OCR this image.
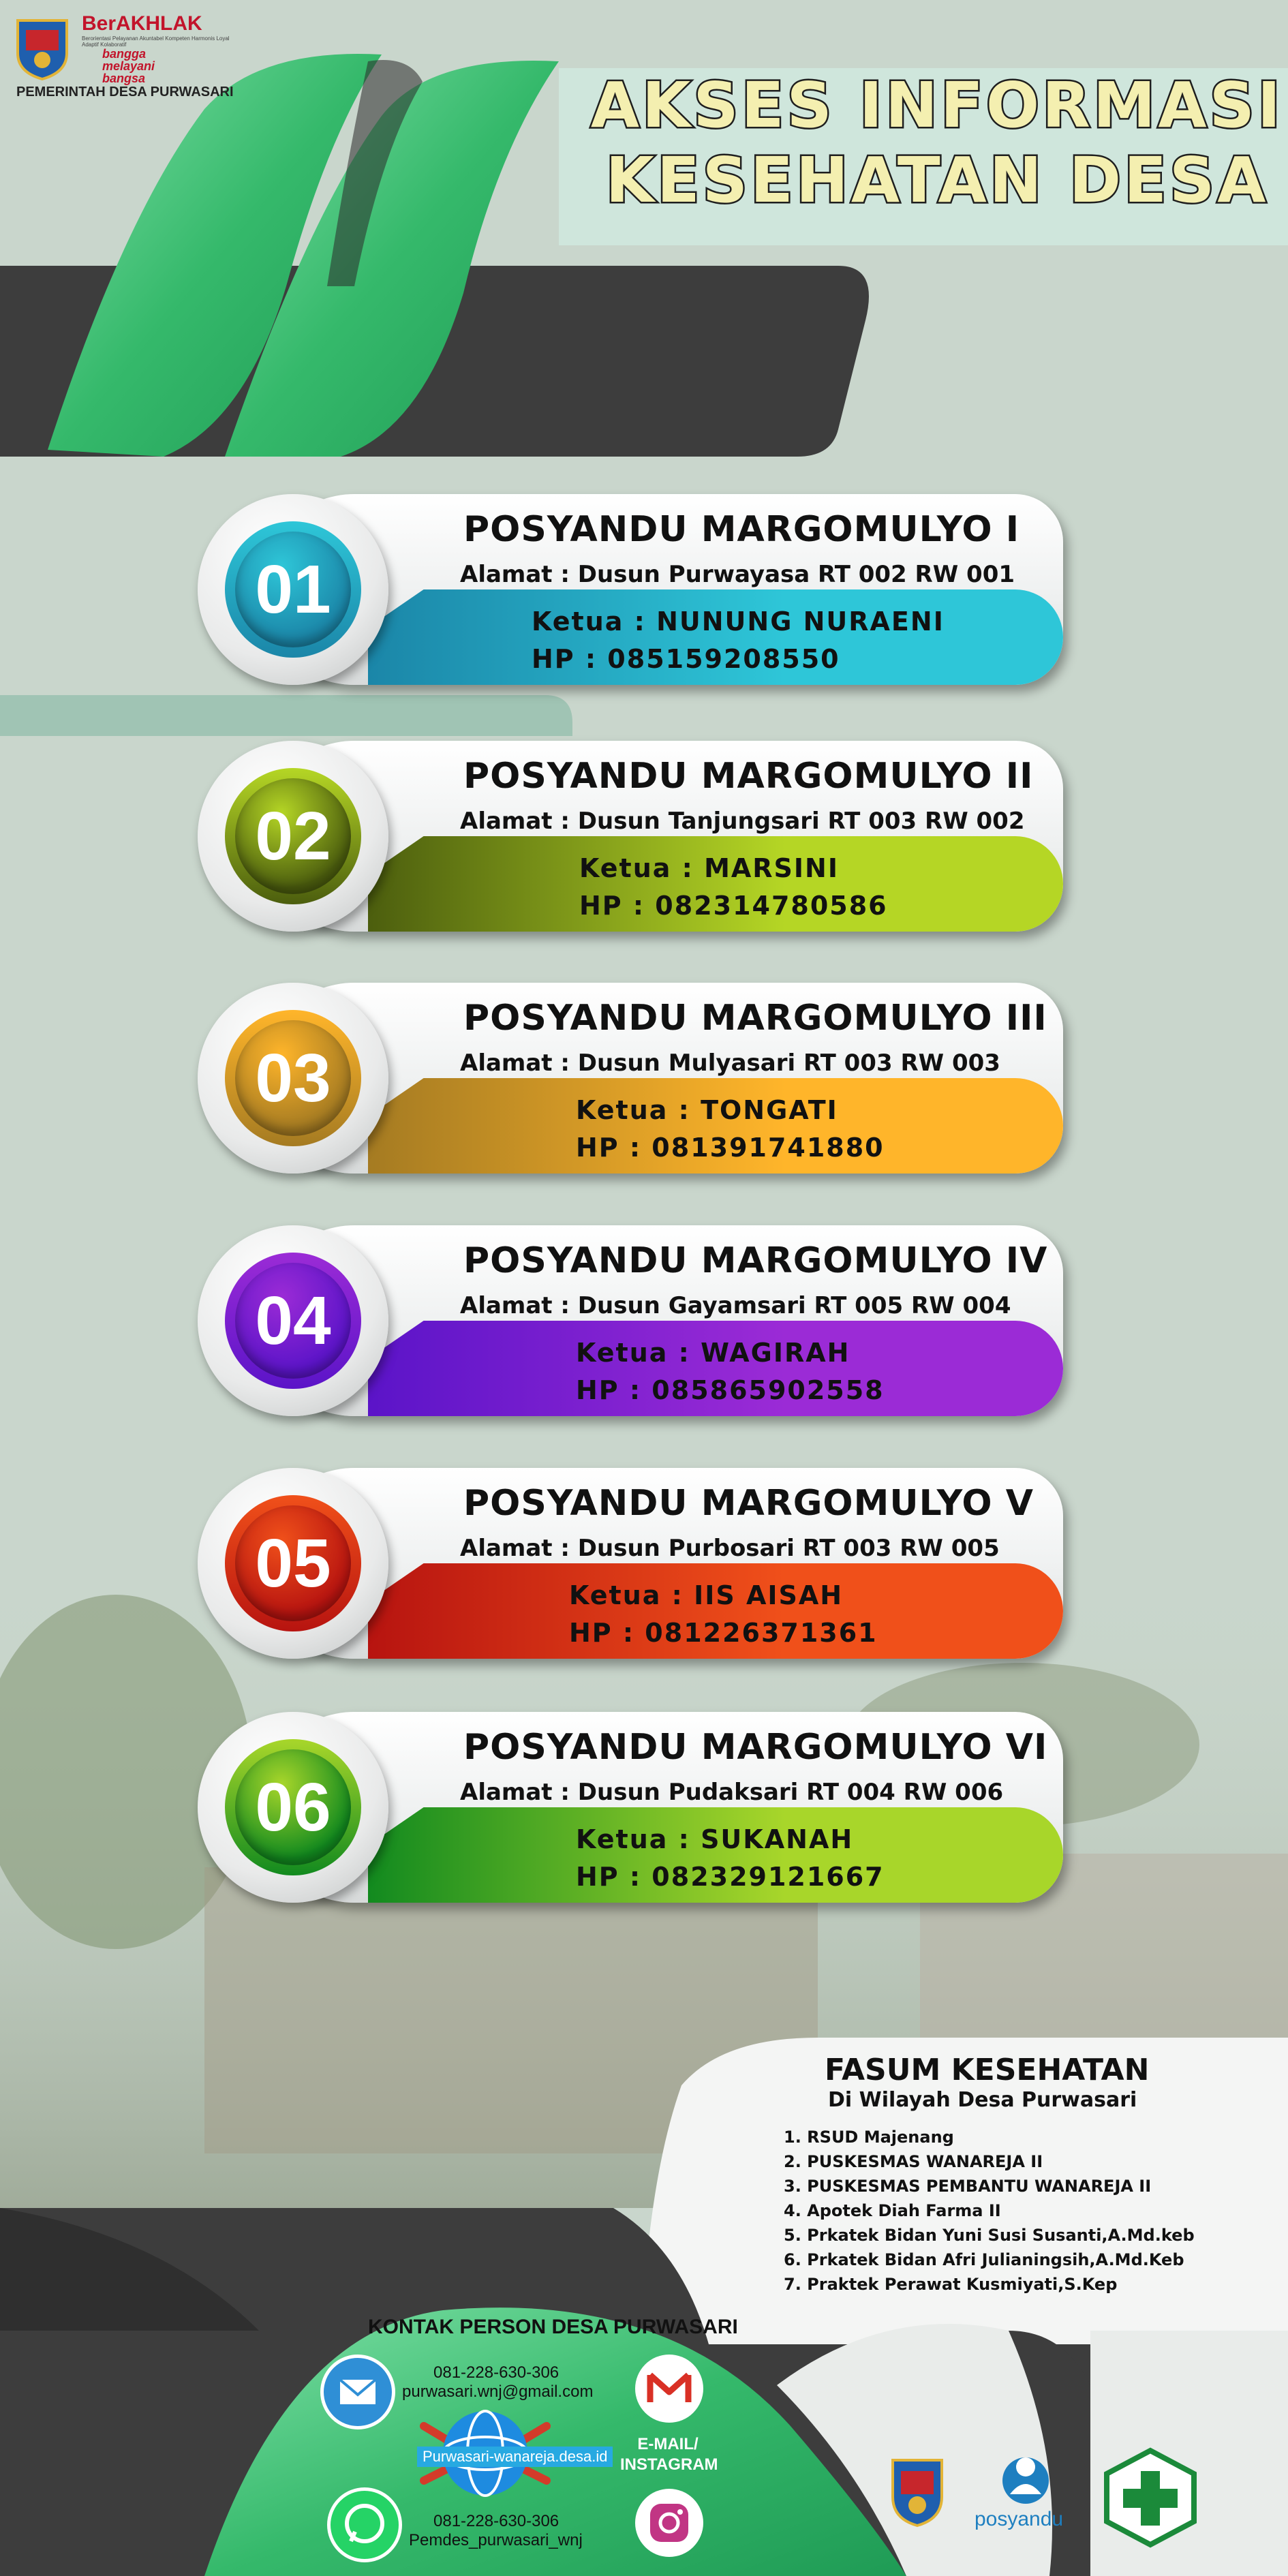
BerAKHLAK
Berorientasi Pelayanan Akuntabel Kompeten Harmonis Loyal Adaptif Kolaboratif
bangga melayani bangsa
PEMERINTAH DESA PURWASARI	AKSES INFORMASI
KESEHATAN DESA
01
POSYANDU MARGOMULYO I
Alamat : Dusun Purwayasa RT 002 RW 001
Ketua : NUNUNG NURAENI
HP : 085159208550
02
POSYANDU MARGOMULYO II
Alamat : Dusun Tanjungsari RT 003 RW 002
Ketua : MARSINI
HP : 082314780586
03
POSYANDU MARGOMULYO III
Alamat : Dusun Mulyasari RT 003 RW 003
Ketua : TONGATI
HP : 081391741880
04
POSYANDU MARGOMULYO IV
Alamat : Dusun Gayamsari RT 005 RW 004
Ketua : WAGIRAH
HP : 085865902558
05
POSYANDU MARGOMULYO V
Alamat : Dusun Purbosari RT 003 RW 005
Ketua : IIS AISAH
HP : 081226371361
06
POSYANDU MARGOMULYO VI
Alamat : Dusun Pudaksari RT 004 RW 006
Ketua : SUKANAH
HP : 082329121667
FASUM KESEHATAN
Di Wilayah Desa Purwasari
1. RSUD Majenang
2. PUSKESMAS WANAREJA II
3. PUSKESMAS PEMBANTU WANAREJA II
4. Apotek Diah Farma II
5. Prkatek Bidan Yuni Susi Susanti,A.Md.keb
6. Prkatek Bidan Afri Julianingsih,A.Md.Keb
7. Praktek Perawat Kusmiyati,S.Kep
KONTAK PERSON DESA PURWASARI
081-228-630-306
purwasari.wnj@gmail.com
Purwasari-wanareja.desa.id
E-MAIL/ INSTAGRAM
081-228-630-306
Pemdes_purwasari_wnj
posyandu
